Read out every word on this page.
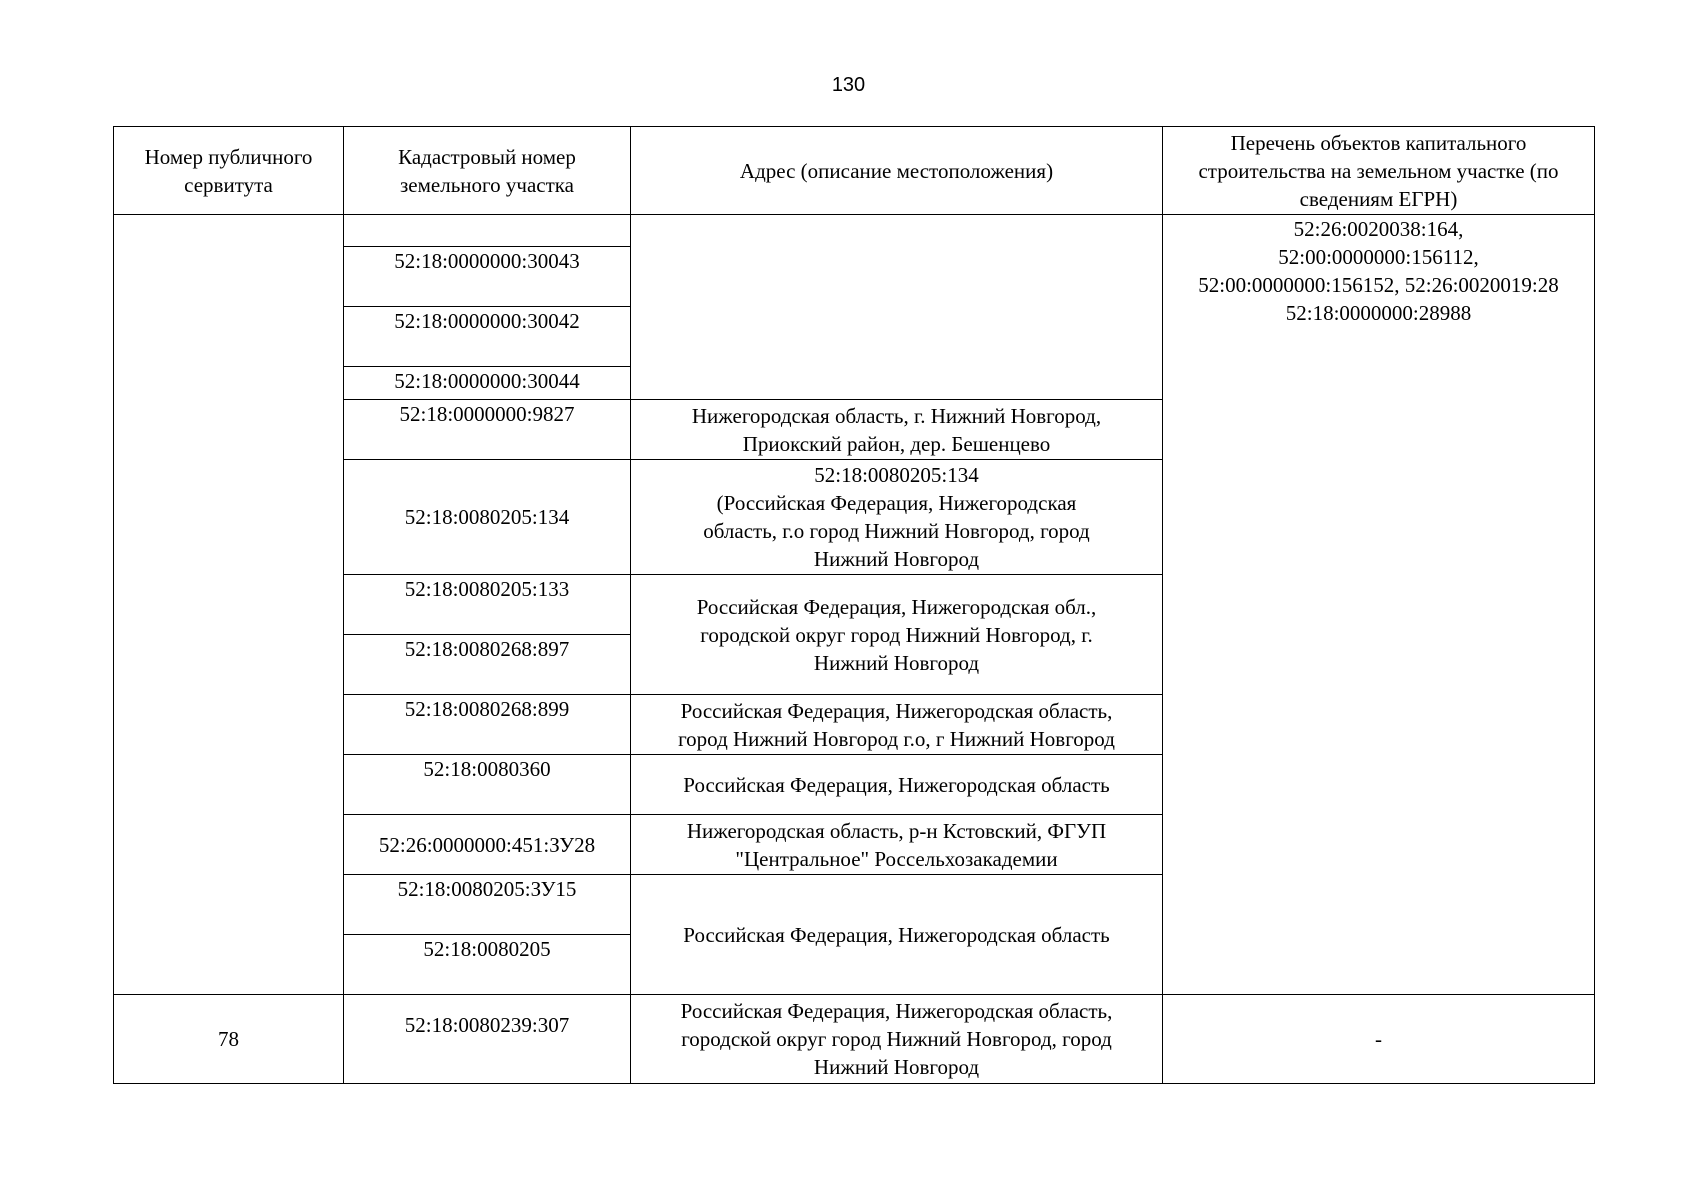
130
Номер публичного сервитута	Кадастровый номер земельного участка	Адрес (описание местоположения)	Перечень объектов капитального строительства на земельном участке (по сведениям ЕГРН)

			52:26:0020038:164,
52:00:0000000:156112,
52:00:0000000:156152, 52:26:0020019:28
52:18:0000000:28988

	52:18:0000000:30043		

	52:18:0000000:30042		

	52:18:0000000:30044		

	52:18:0000000:9827	Нижегородская область, г. Нижний Новгород,
Приокский район, дер. Бешенцево	

	52:18:0080205:134	52:18:0080205:134
(Российская Федерация, Нижегородская
область, г.о город Нижний Новгород, город
Нижний Новгород	

	52:18:0080205:133	Российская Федерация, Нижегородская обл.,
городской округ город Нижний Новгород, г.
Нижний Новгород	

	52:18:0080268:897		

	52:18:0080268:899	Российская Федерация, Нижегородская область,
город Нижний Новгород г.о, г Нижний Новгород	

	52:18:0080360	Российская Федерация, Нижегородская область	

	52:26:0000000:451:ЗУ28	Нижегородская область, р-н Кстовский, ФГУП
"Центральное" Россельхозакадемии	

	52:18:0080205:ЗУ15	Российская Федерация, Нижегородская область	

	52:18:0080205		

78	52:18:0080239:307	Российская Федерация, Нижегородская область,
городской округ город Нижний Новгород, город
Нижний Новгород	-
